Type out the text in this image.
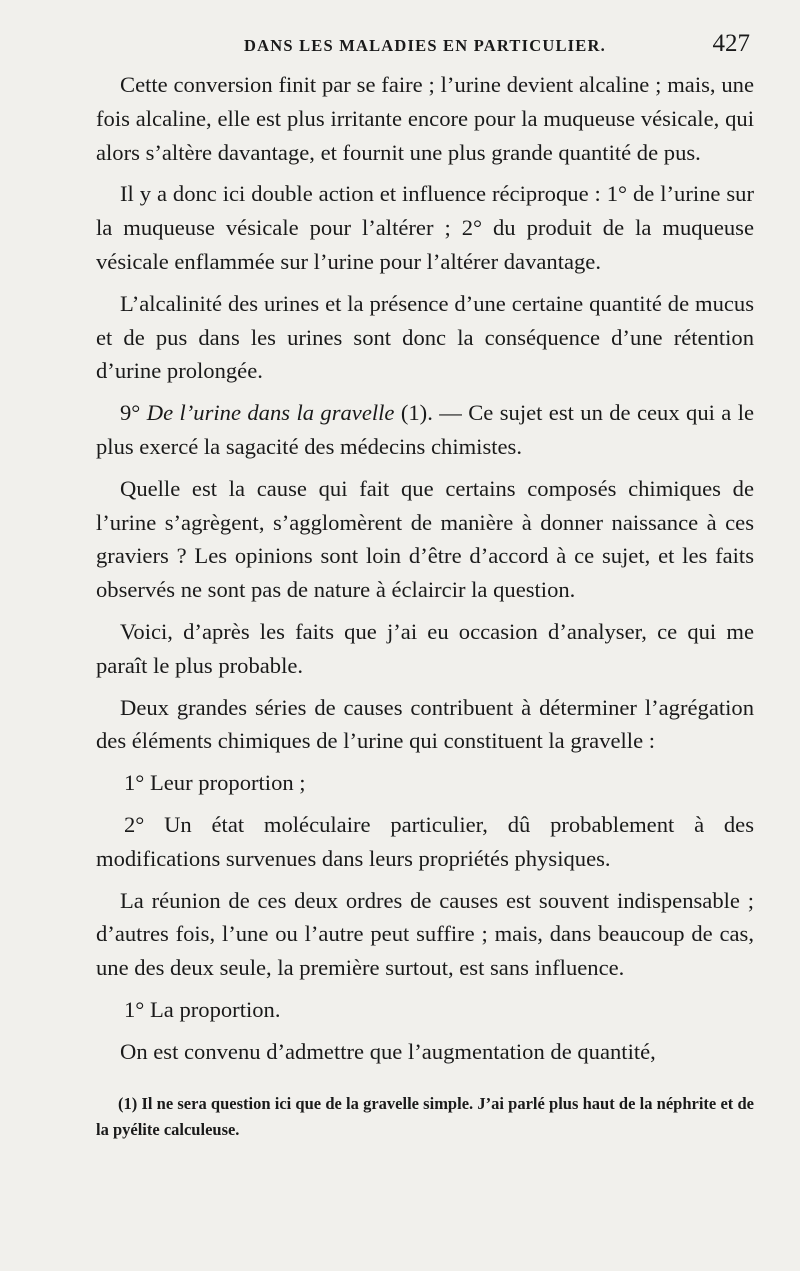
DANS LES MALADIES EN PARTICULIER.	427

Cette conversion finit par se faire ; l’urine devient alcaline ; mais, une fois alcaline, elle est plus irritante encore pour la muqueuse vésicale, qui alors s’altère davantage, et fournit une plus grande quantité de pus.

Il y a donc ici double action et influence réciproque : 1° de l’urine sur la muqueuse vésicale pour l’altérer ; 2° du produit de la muqueuse vésicale enflammée sur l’urine pour l’altérer davantage.

L’alcalinité des urines et la présence d’une certaine quantité de mucus et de pus dans les urines sont donc la conséquence d’une rétention d’urine prolongée.

9° De l’urine dans la gravelle (1). — Ce sujet est un de ceux qui a le plus exercé la sagacité des médecins chimistes.

Quelle est la cause qui fait que certains composés chimiques de l’urine s’agrègent, s’agglomèrent de manière à donner naissance à ces graviers ? Les opinions sont loin d’être d’accord à ce sujet, et les faits observés ne sont pas de nature à éclaircir la question.

Voici, d’après les faits que j’ai eu occasion d’analyser, ce qui me paraît le plus probable.

Deux grandes séries de causes contribuent à déterminer l’agrégation des éléments chimiques de l’urine qui constituent la gravelle :

1° Leur proportion ;

2° Un état moléculaire particulier, dû probablement à des modifications survenues dans leurs propriétés physiques.

La réunion de ces deux ordres de causes est souvent indispensable ; d’autres fois, l’une ou l’autre peut suffire ; mais, dans beaucoup de cas, une des deux seule, la première surtout, est sans influence.

1° La proportion.

On est convenu d’admettre que l’augmentation de quantité,

(1) Il ne sera question ici que de la gravelle simple. J’ai parlé plus haut de la néphrite et de la pyélite calculeuse.
